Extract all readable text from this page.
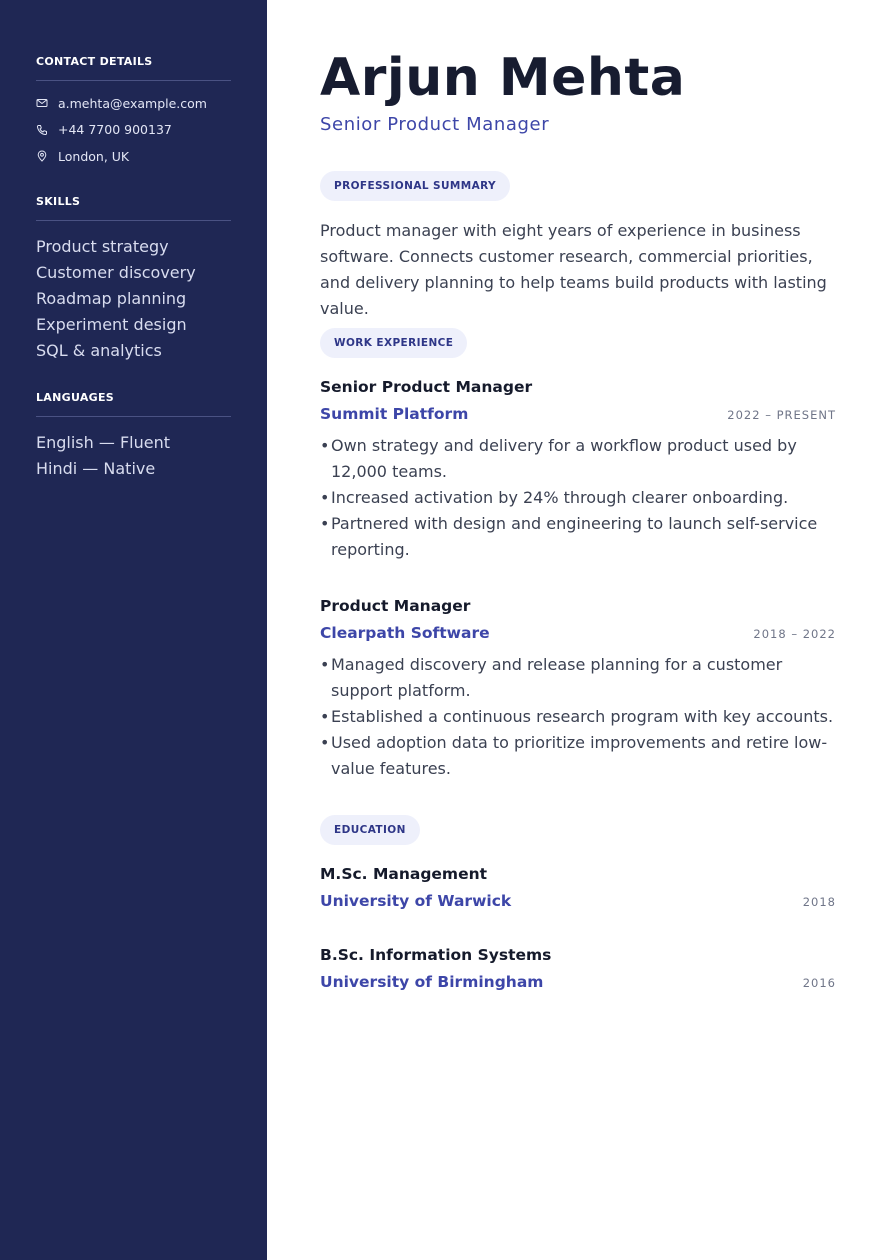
CONTACT DETAILS
a.mehta@example.com
+44 7700 900137
London, UK
SKILLS
Product strategy
Customer discovery
Roadmap planning
Experiment design
SQL & analytics
LANGUAGES
English — Fluent
Hindi — Native
Arjun Mehta
Senior Product Manager
PROFESSIONAL SUMMARY

Product manager with eight years of experience in business software. Connects customer research, commercial priorities, and delivery planning to help teams build products with lasting value.

WORK EXPERIENCE
Senior Product Manager
Summit Platform	2022 – PRESENT
• Own strategy and delivery for a workflow product used by 12,000 teams.
• Increased activation by 24% through clearer onboarding.
• Partnered with design and engineering to launch self-service reporting.
Product Manager
Clearpath Software	2018 – 2022
• Managed discovery and release planning for a customer support platform.
• Established a continuous research program with key accounts.
• Used adoption data to prioritize improvements and retire low-value features.
EDUCATION
M.Sc. Management
University of Warwick	2018
B.Sc. Information Systems
University of Birmingham	2016
